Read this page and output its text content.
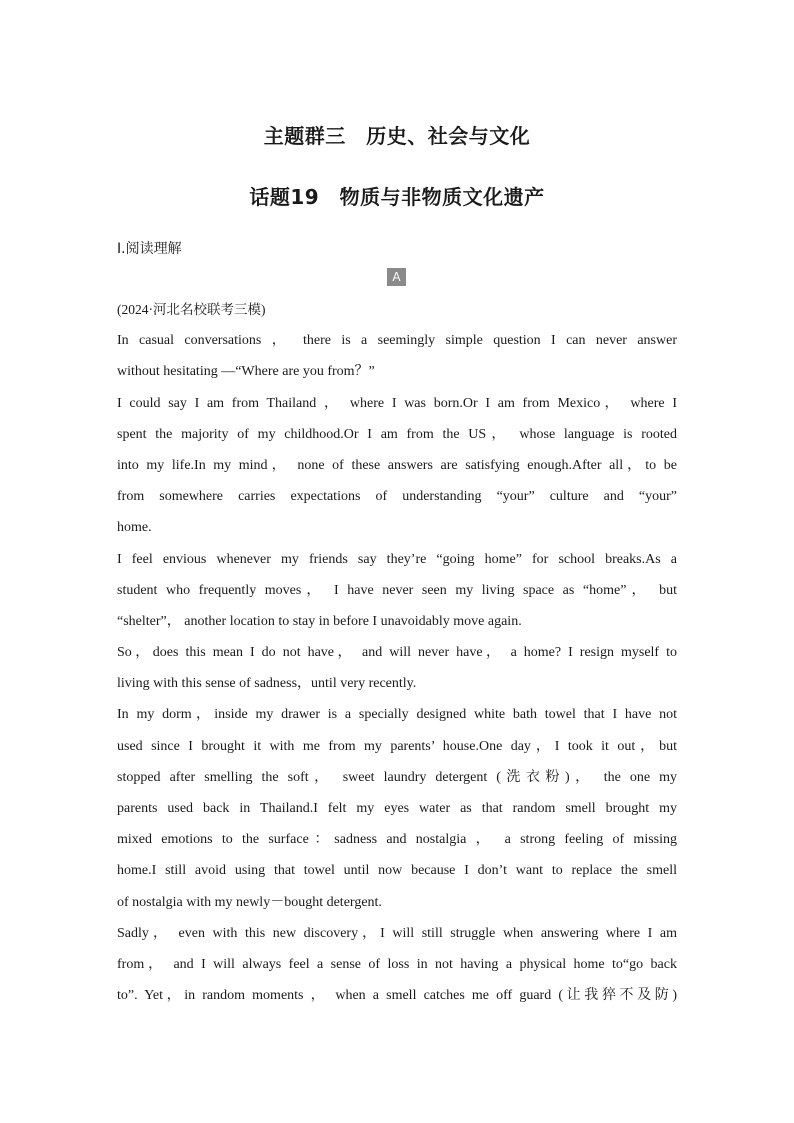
主题群三　历史、社会与文化
话题19　物质与非物质文化遗产
Ⅰ.阅读理解
A
(2024·河北名校联考三模)
In casual conversations ， there is a seemingly simple question I can never answer
without hesitating —“Where are you from？”
I could say I am from Thailand ， where I was born.Or I am from Mexico， where I
spent the majority of my childhood.Or I am from the US， whose language is rooted
into my life.In my mind， none of these answers are satisfying enough.After all，to be
from somewhere carries expectations of understanding “your” culture and “your”
home.
I feel envious whenever my friends say they’re “going home” for school breaks.As a
student who frequently moves， I have never seen my living space as “home”， but
“shelter”， another location to stay in before I unavoidably move again.
So，does this mean I do not have， and will never have， a home? I resign myself to
living with this sense of sadness，until very recently.
In my dorm，inside my drawer is a specially designed white bath towel that I have not
used since I brought it with me from my parents’ house.One day，I took it out，but
stopped after smelling the soft， sweet laundry detergent (洗衣粉)， the one my
parents used back in Thailand.I felt my eyes water as that random smell brought my
mixed emotions to the surface：sadness and nostalgia ， a strong feeling of missing
home.I still avoid using that towel until now because I don’t want to replace the smell
of nostalgia with my newly－bought detergent.
Sadly， even with this new discovery，I will still struggle when answering where I am
from， and I will always feel a sense of loss in not having a physical home to“go back
to”. Yet，in random moments ， when a smell catches me off guard (让我猝不及防)
